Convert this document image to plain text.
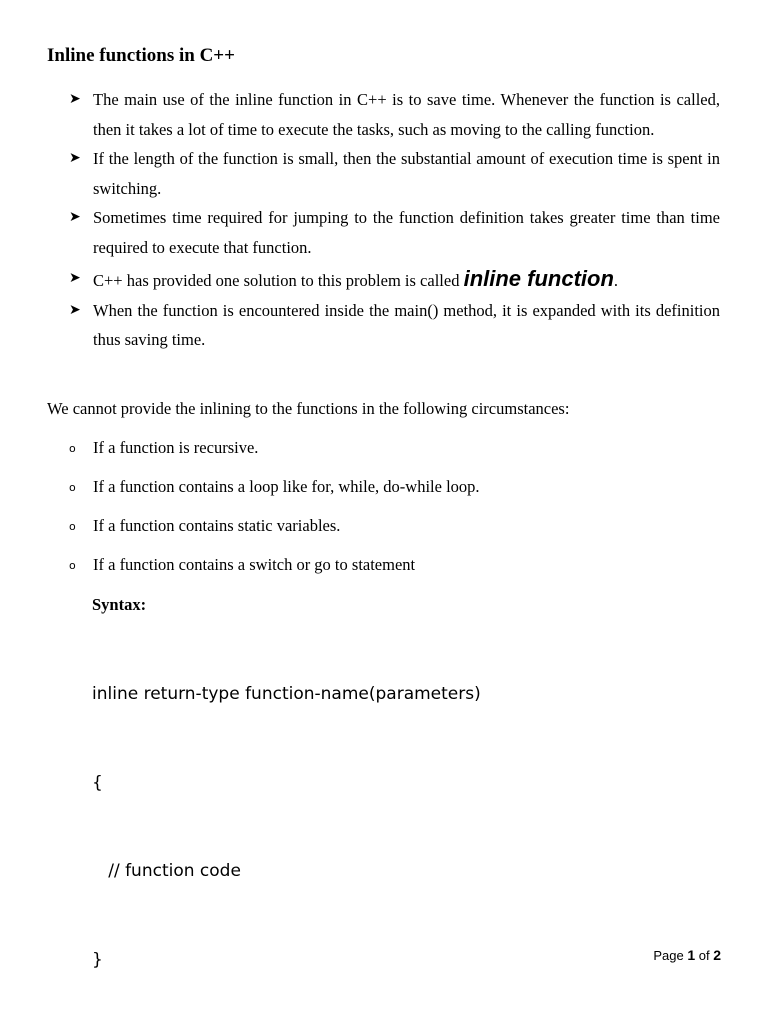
Inline functions in C++
➤ The main use of the inline function in C++ is to save time. Whenever the function is called, then it takes a lot of time to execute the tasks, such as moving to the calling function.
➤ If the length of the function is small, then the substantial amount of execution time is spent in switching.
➤ Sometimes time required for jumping to the function definition takes greater time than time required to execute that function.
➤ C++ has provided one solution to this problem is called inline function.
➤ When the function is encountered inside the main() method, it is expanded with its definition thus saving time.

We cannot provide the inlining to the functions in the following circumstances:

o If a function is recursive.
o If a function contains a loop like for, while, do-while loop.
o If a function contains static variables.
o If a function contains a switch or go to statement

Syntax:

inline return-type function-name(parameters)

{

// function code

}

	Page 1 of 2
